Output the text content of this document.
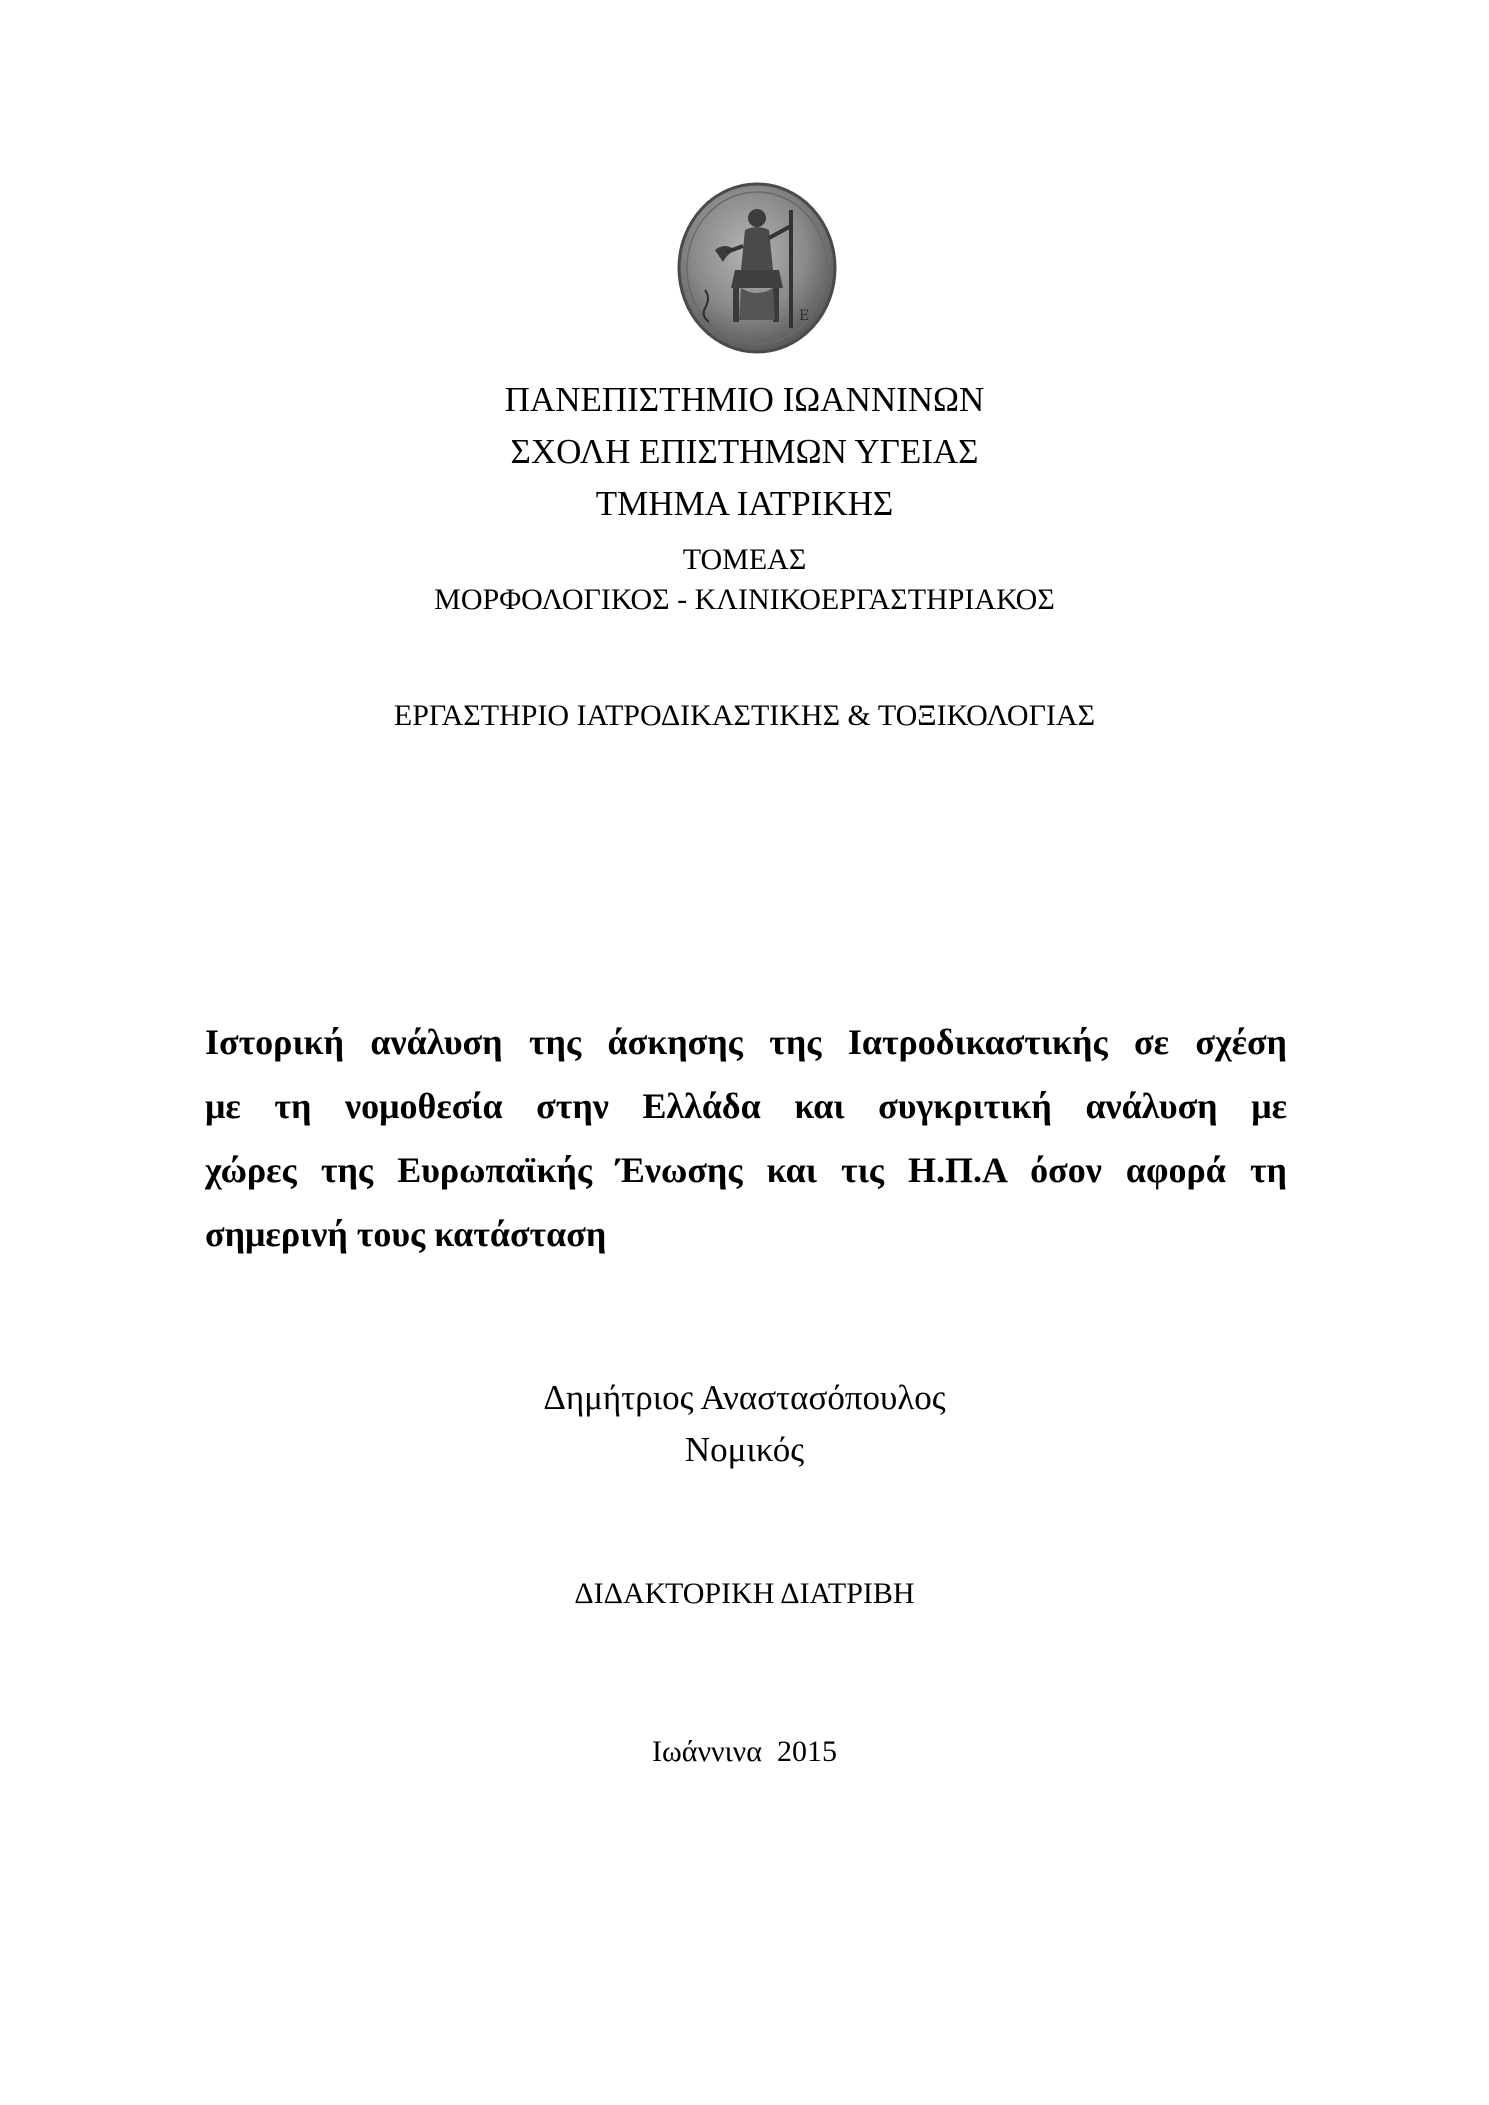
E
ΠΑΝΕΠΙΣΤΗΜΙΟ ΙΩΑΝΝΙΝΩΝ
ΣΧΟΛΗ ΕΠΙΣΤΗΜΩΝ ΥΓΕΙΑΣ
ΤΜΗΜΑ ΙΑΤΡΙΚΗΣ
ΤΟΜΕΑΣ
ΜΟΡΦΟΛΟΓΙΚΟΣ - ΚΛΙΝΙΚΟΕΡΓΑΣΤΗΡΙΑΚΟΣ
ΕΡΓΑΣΤΗΡΙΟ ΙΑΤΡΟΔΙΚΑΣΤΙΚΗΣ & ΤΟΞΙΚΟΛΟΓΙΑΣ
Ιστορική ανάλυση της άσκησης της Ιατροδικαστικής σε σχέση
με τη νομοθεσία στην Ελλάδα και συγκριτική ανάλυση με
χώρες της Ευρωπαϊκής Ένωσης και τις Η.Π.Α όσον αφορά τη
σημερινή τους κατάσταση
Δημήτριος Αναστασόπουλος
Νομικός
ΔΙΔΑΚΤΟΡΙΚΗ ΔΙΑΤΡΙΒΗ
Ιωάννινα  2015
